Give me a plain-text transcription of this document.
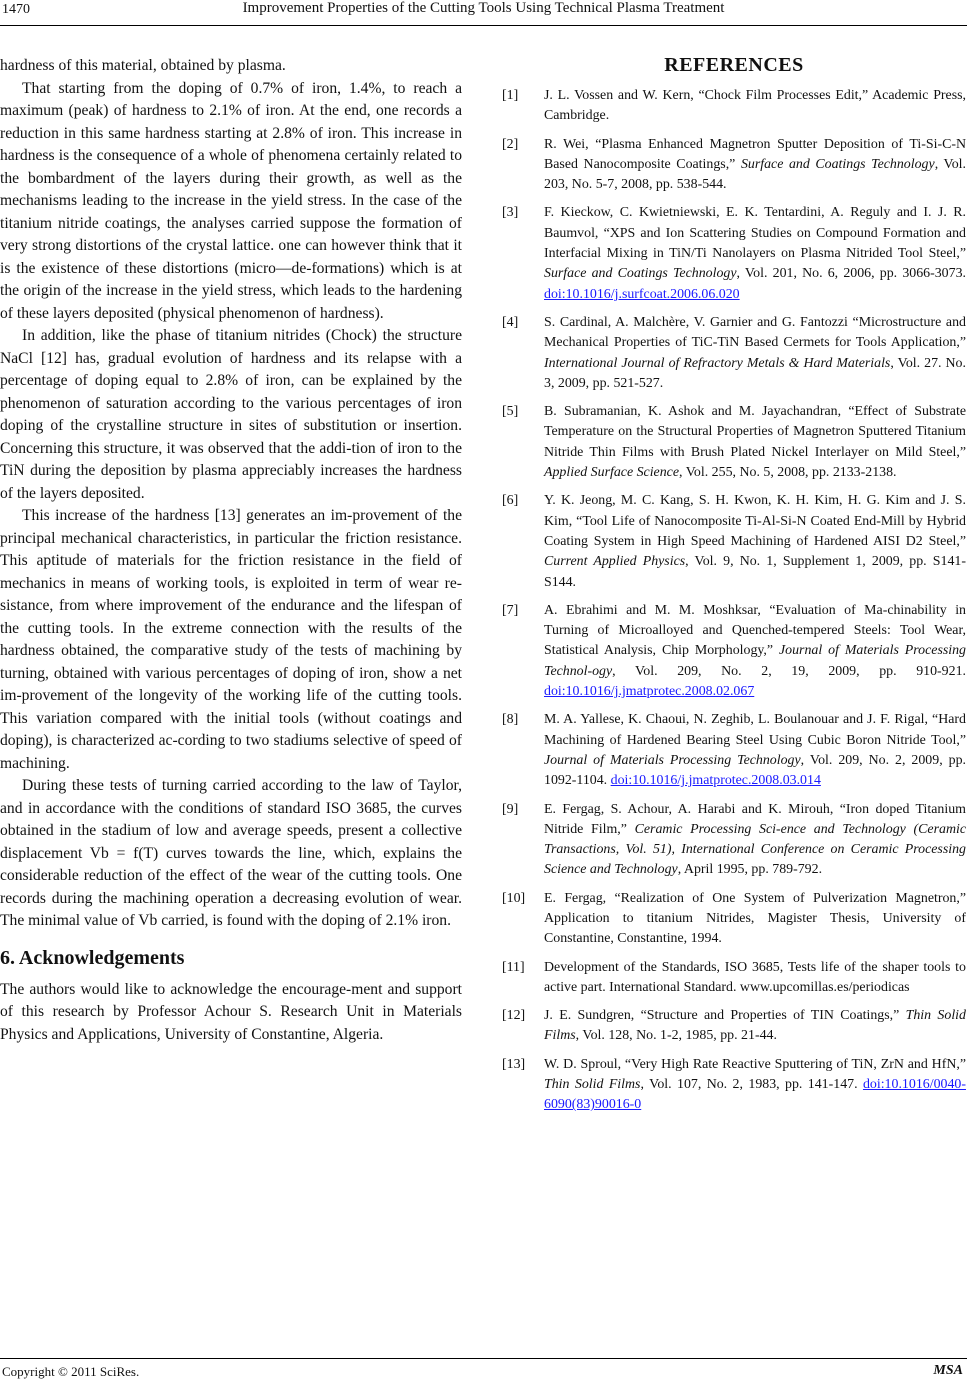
1470	Improvement Properties of the Cutting Tools Using Technical Plasma Treatment

hardness of this material, obtained by plasma.

That starting from the doping of 0.7% of iron, 1.4%, to reach a maximum (peak) of hardness to 2.1% of iron. At the end, one records a reduction in this same hardness starting at 2.8% of iron. This increase in hardness is the consequence of a whole of phenomena certainly related to the bombardment of the layers during their growth, as well as the mechanisms leading to the increase in the yield stress. In the case of the titanium nitride coatings, the analyses carried suppose the formation of very strong distortions of the crystal lattice. one can however think that it is the existence of these distortions (micro—de-formations) which is at the origin of the increase in the yield stress, which leads to the hardening of these layers deposited (physical phenomenon of hardness).

In addition, like the phase of titanium nitrides (Chock) the structure NaCl [12] has, gradual evolution of hardness and its relapse with a percentage of doping equal to 2.8% of iron, can be explained by the phenomenon of saturation according to the various percentages of iron doping of the crystalline structure in sites of substitution or insertion. Concerning this structure, it was observed that the addi-tion of iron to the TiN during the deposition by plasma appreciably increases the hardness of the layers deposited.

This increase of the hardness [13] generates an im-provement of the principal mechanical characteristics, in particular the friction resistance. This aptitude of materials for the friction resistance in the field of mechanics in means of working tools, is exploited in term of wear re-sistance, from where improvement of the endurance and the lifespan of the cutting tools. In the extreme connection with the results of the hardness obtained, the comparative study of the tests of machining by turning, obtained with various percentages of doping of iron, show a net im-provement of the longevity of the working life of the cutting tools. This variation compared with the initial tools (without coatings and doping), is characterized ac-cording to two stadiums selective of speed of machining.

During these tests of turning carried according to the law of Taylor, and in accordance with the conditions of standard ISO 3685, the curves obtained in the stadium of low and average speeds, present a collective displacement Vb = f(T) curves towards the line, which, explains the considerable reduction of the effect of the wear of the cutting tools. One records during the machining operation a decreasing evolution of wear. The minimal value of Vb carried, is found with the doping of 2.1% iron.

6. Acknowledgements

The authors would like to acknowledge the encourage-ment and support of this research by Professor Achour S. Research Unit in Materials Physics and Applications, University of Constantine, Algeria.

REFERENCES
[1] J. L. Vossen and W. Kern, “Chock Film Processes Edit,” Academic Press, Cambridge.
[2] R. Wei, “Plasma Enhanced Magnetron Sputter Deposition of Ti-Si-C-N Based Nanocomposite Coatings,” Surface and Coatings Technology, Vol. 203, No. 5-7, 2008, pp. 538-544.
[3] F. Kieckow, C. Kwietniewski, E. K. Tentardini, A. Reguly and I. J. R. Baumvol, “XPS and Ion Scattering Studies on Compound Formation and Interfacial Mixing in TiN/Ti Nanolayers on Plasma Nitrided Tool Steel,” Surface and Coatings Technology, Vol. 201, No. 6, 2006, pp. 3066-3073. doi:10.1016/j.surfcoat.2006.06.020
[4] S. Cardinal, A. Malchère, V. Garnier and G. Fantozzi “Microstructure and Mechanical Properties of TiC-TiN Based Cermets for Tools Application,” International Journal of Refractory Metals & Hard Materials, Vol. 27. No. 3, 2009, pp. 521-527.
[5] B. Subramanian, K. Ashok and M. Jayachandran, “Effect of Substrate Temperature on the Structural Properties of Magnetron Sputtered Titanium Nitride Thin Films with Brush Plated Nickel Interlayer on Mild Steel,” Applied Surface Science, Vol. 255, No. 5, 2008, pp. 2133-2138.
[6] Y. K. Jeong, M. C. Kang, S. H. Kwon, K. H. Kim, H. G. Kim and J. S. Kim, “Tool Life of Nanocomposite Ti-Al-Si-N Coated End-Mill by Hybrid Coating System in High Speed Machining of Hardened AISI D2 Steel,” Current Applied Physics, Vol. 9, No. 1, Supplement 1, 2009, pp. S141-S144.
[7] A. Ebrahimi and M. M. Moshksar, “Evaluation of Ma-chinability in Turning of Microalloyed and Quenched-tempered Steels: Tool Wear, Statistical Analysis, Chip Morphology,” Journal of Materials Processing Technol-ogy, Vol. 209, No. 2, 19, 2009, pp. 910-921. doi:10.1016/j.jmatprotec.2008.02.067
[8] M. A. Yallese, K. Chaoui, N. Zeghib, L. Boulanouar and J. F. Rigal, “Hard Machining of Hardened Bearing Steel Using Cubic Boron Nitride Tool,” Journal of Materials Processing Technology, Vol. 209, No. 2, 2009, pp. 1092-1104. doi:10.1016/j.jmatprotec.2008.03.014
[9] E. Fergag, S. Achour, A. Harabi and K. Mirouh, “Iron doped Titanium Nitride Film,” Ceramic Processing Sci-ence and Technology (Ceramic Transactions, Vol. 51), International Conference on Ceramic Processing Science and Technology, April 1995, pp. 789-792.
[10] E. Fergag, “Realization of One System of Pulverization Magnetron,” Application to titanium Nitrides, Magister Thesis, University of Constantine, Constantine, 1994.
[11] Development of the Standards, ISO 3685, Tests life of the shaper tools to active part. International Standard. www.upcomillas.es/periodicas
[12] J. E. Sundgren, “Structure and Properties of TIN Coatings,” Thin Solid Films, Vol. 128, No. 1-2, 1985, pp. 21-44.
[13] W. D. Sproul, “Very High Rate Reactive Sputtering of TiN, ZrN and HfN,” Thin Solid Films, Vol. 107, No. 2, 1983, pp. 141-147. doi:10.1016/0040-6090(83)90016-0
Copyright © 2011 SciRes.	MSA
